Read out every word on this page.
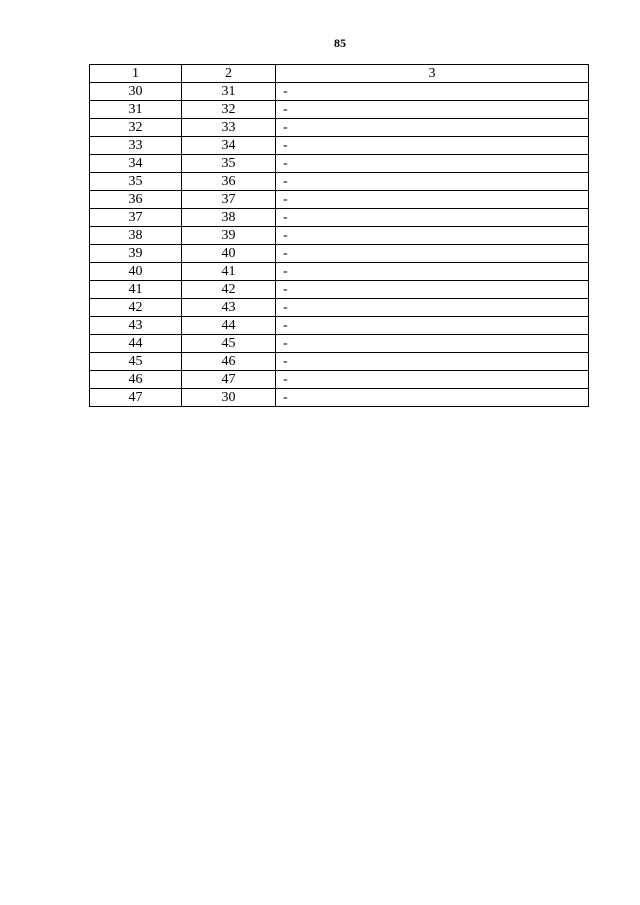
85
1	2	3
30	31	-
31	32	-
32	33	-
33	34	-
34	35	-
35	36	-
36	37	-
37	38	-
38	39	-
39	40	-
40	41	-
41	42	-
42	43	-
43	44	-
44	45	-
45	46	-
46	47	-
47	30	-
